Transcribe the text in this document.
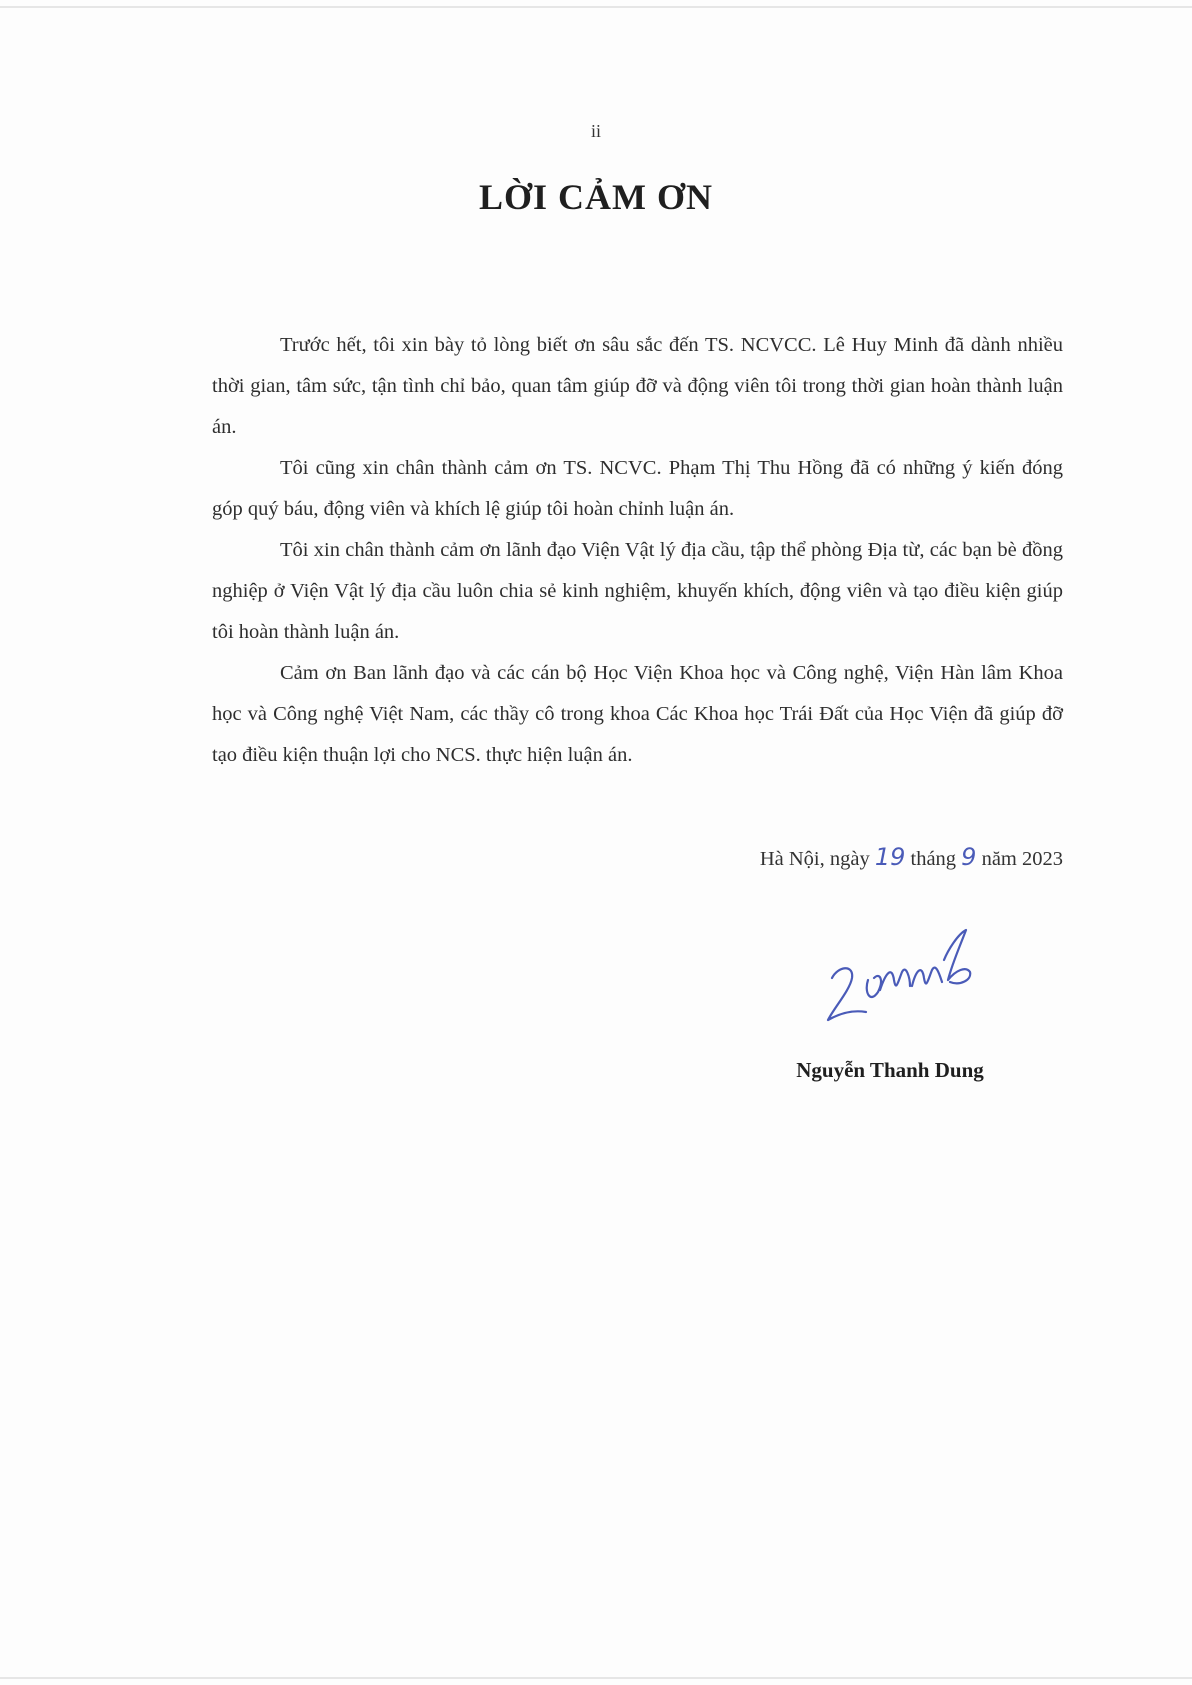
ii
LỜI CẢM ƠN

Trước hết, tôi xin bày tỏ lòng biết ơn sâu sắc đến TS. NCVCC. Lê Huy Minh đã dành nhiều thời gian, tâm sức, tận tình chỉ bảo, quan tâm giúp đỡ và động viên tôi trong thời gian hoàn thành luận án.

Tôi cũng xin chân thành cảm ơn TS. NCVC. Phạm Thị Thu Hồng đã có những ý kiến đóng góp quý báu, động viên và khích lệ giúp tôi hoàn chỉnh luận án.

Tôi xin chân thành cảm ơn lãnh đạo Viện Vật lý địa cầu, tập thể phòng Địa từ, các bạn bè đồng nghiệp ở Viện Vật lý địa cầu luôn chia sẻ kinh nghiệm, khuyến khích, động viên và tạo điều kiện giúp tôi hoàn thành luận án.

Cảm ơn Ban lãnh đạo và các cán bộ Học Viện Khoa học và Công nghệ, Viện Hàn lâm Khoa học và Công nghệ Việt Nam, các thầy cô trong khoa Các Khoa học Trái Đất của Học Viện đã giúp đỡ tạo điều kiện thuận lợi cho NCS. thực hiện luận án.

Hà Nội, ngày 19 tháng 9 năm 2023
Nguyễn Thanh Dung
